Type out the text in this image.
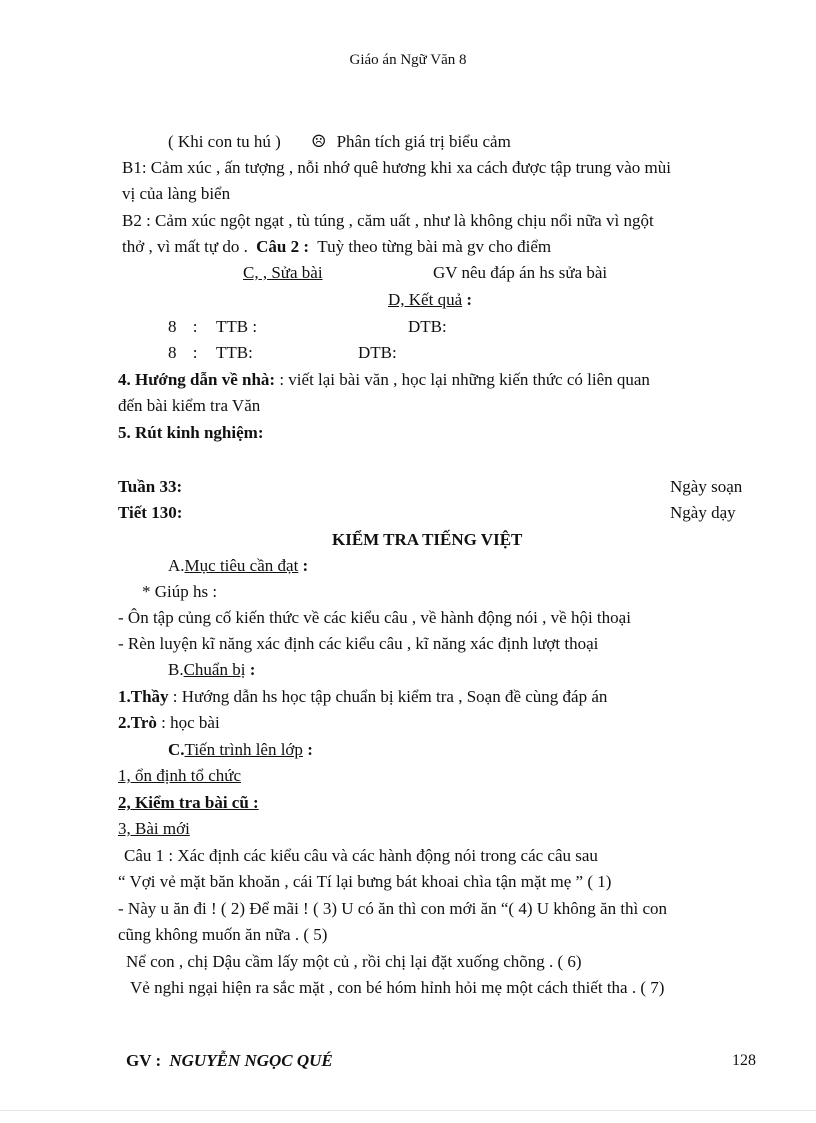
Giáo án Ngữ Văn 8
( Khi con tu hú ) ☹ Phân tích giá trị biểu cảm
B1: Cảm xúc , ấn tượng , nỗi nhớ quê hương khi xa cách được tập trung vào mùi
vị của làng biển
B2 : Cảm xúc ngột ngạt , tù túng , căm uất , như là không chịu nổi nữa vì ngột
thở , vì mất tự do . Câu 2 : Tuỳ theo từng bài mà gv cho điểm
C, , Sửa bài	GV nêu đáp án hs sửa bài
D, Kết quả :
8 : TTB :	DTB:
8 : TTB:	DTB:
4. Hướng dẫn về nhà: : viết lại bài văn , học lại những kiến thức có liên quan
đến bài kiểm tra Văn
5. Rút kinh nghiệm:
Tuần 33:	Ngày soạn
Tiết 130:	Ngày dạy
KIỂM TRA TIẾNG VIỆT
A.Mục tiêu cần đạt :
* Giúp hs :
- Ôn tập củng cố kiến thức về các kiểu câu , về hành động nói , về hội thoại
- Rèn luyện kĩ năng xác định các kiểu câu , kĩ năng xác định lượt thoại
B.Chuẩn bị :
1.Thầy : Hướng dẫn hs học tập chuẩn bị kiểm tra , Soạn đề cùng đáp án
2.Trò : học bài
C.Tiến trình lên lớp :
1, ổn định tổ chức
2, Kiểm tra bài cũ :
3, Bài mới
Câu 1 : Xác định các kiểu câu và các hành động nói trong các câu sau
“ Vợi vẻ mặt băn khoăn , cái Tí lại bưng bát khoai chìa tận mặt mẹ ” ( 1)
- Này u ăn đi ! ( 2) Để mãi ! ( 3) U có ăn thì con mới ăn “( 4) U không ăn thì con
cũng không muốn ăn nữa . ( 5)
Nể con , chị Dậu cầm lấy một củ , rồi chị lại đặt xuống chõng . ( 6)
Vẻ nghi ngại hiện ra sắc mặt , con bé hóm hỉnh hỏi mẹ một cách thiết tha . ( 7)
GV : NGUYỄN NGỌC QUÉ	128
